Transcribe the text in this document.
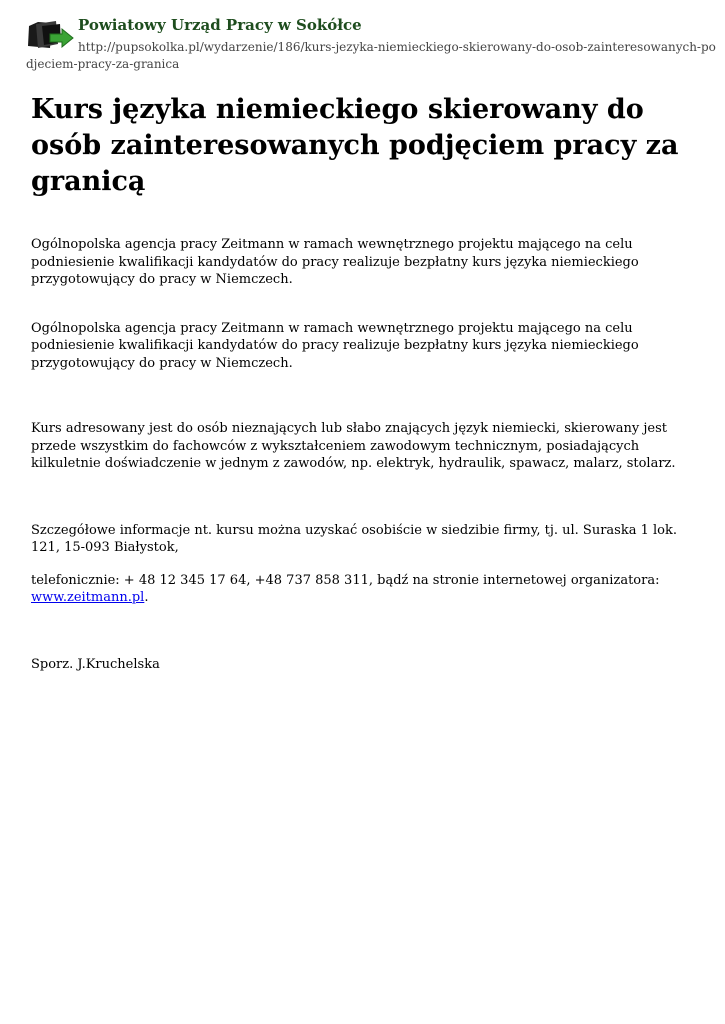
Powiatowy Urząd Pracy w Sokółce
http://pupsokolka.pl/wydarzenie/186/kurs-jezyka-niemieckiego-skierowany-do-osob-zainteresowanych-podjeciem-pracy-za-granica
Kurs języka niemieckiego skierowany do osób zainteresowanych podjęciem pracy za granicą

Ogólnopolska agencja pracy Zeitmann w ramach wewnętrznego projektu mającego na celu podniesienie kwalifikacji kandydatów do pracy realizuje bezpłatny kurs języka niemieckiego przygotowujący do pracy w Niemczech.

Ogólnopolska agencja pracy Zeitmann w ramach wewnętrznego projektu mającego na celu podniesienie kwalifikacji kandydatów do pracy realizuje bezpłatny kurs języka niemieckiego przygotowujący do pracy w Niemczech.

Kurs adresowany jest do osób nieznających lub słabo znających język niemiecki, skierowany jest przede wszystkim do fachowców z wykształceniem zawodowym technicznym, posiadających kilkuletnie doświadczenie w jednym z zawodów, np. elektryk, hydraulik, spawacz, malarz, stolarz.

Szczegółowe informacje nt. kursu można uzyskać osobiście w siedzibie firmy, tj. ul. Suraska 1 lok. 121, 15-093 Białystok,

telefonicznie: + 48 12 345 17 64, +48 737 858 311, bądź na stronie internetowej organizatora: www.zeitmann.pl.

Sporz. J.Kruchelska
